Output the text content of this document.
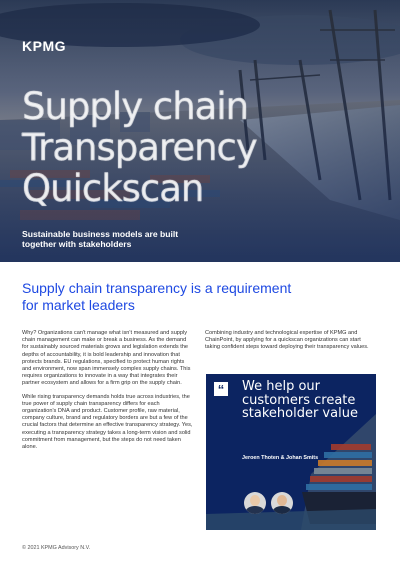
KPMG
Supply chain
Transparency
Quickscan
Sustainable business models are built
together with stakeholders
Supply chain transparency is a requirement
for market leaders

Why? Organizations can't manage what isn't measured and supply chain management can make or break a business. As the demand for sustainably sourced materials grows and legislation extends the depths of accountability, it is bold leadership and innovation that protects brands. EU regulations, specified to protect human rights and environment, now span immensely complex supply chains. This requires organizations to innovate in a way that integrates their partner ecosystem and allows for a firm grip on the supply chain.

While rising transparency demands holds true across industries, the true power of supply chain transparency differs for each organization's DNA and product. Customer profile, raw material, company culture, brand and regulatory borders are but a few of the crucial factors that determine an effective transparency strategy. Yes, executing a transparency strategy takes a long-term vision and solid commitment from management, but the steps do not need taken alone.

Combining industry and technological expertise of KPMG and ChainPoint, by applying for a quickscan organizations can start taking confident steps toward deploying their transparency values.

“ We help our
customers create
stakeholder value
Jeroen Thoten & Johan Smits
© 2021 KPMG Advisory N.V.
